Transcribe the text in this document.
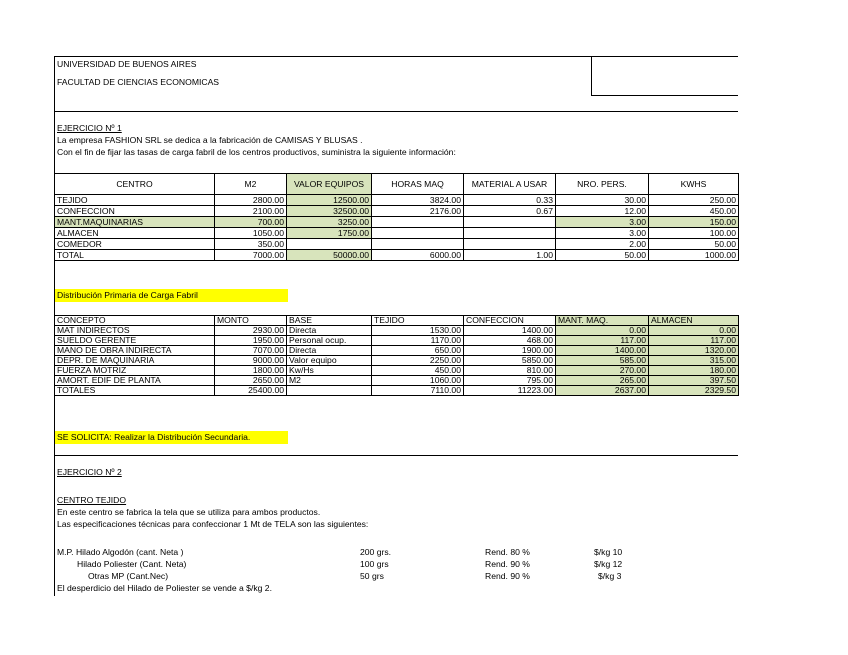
UNIVERSIDAD DE BUENOS AIRES
FACULTAD DE CIENCIAS ECONOMICAS
EJERCICIO Nº 1
La empresa FASHION SRL se dedica a la fabricación de CAMISAS Y BLUSAS .
Con el fin de fijar las tasas de carga fabril de los centros productivos, suministra la siguiente información:
CENTRO	M2	VALOR EQUIPOS	HORAS MAQ	MATERIAL A USAR	NRO. PERS.	KWHS
TEJIDO	2800.00	12500.00	3824.00	0.33	30.00	250.00
CONFECCION	2100.00	32500.00	2176.00	0.67	12.00	450.00
MANT.MAQUINARIAS	700.00	3250.00			3.00	150.00
ALMACEN	1050.00	1750.00			3.00	100.00
COMEDOR	350.00				2.00	50.00
TOTAL	7000.00	50000.00	6000.00	1.00	50.00	1000.00
Distribución Primaria de Carga Fabril
CONCEPTO	MONTO	BASE	TEJIDO	CONFECCION	MANT. MAQ.	ALMACEN
MAT INDIRECTOS	2930.00	Directa	1530.00	1400.00	0.00	0.00
SUELDO GERENTE	1950.00	Personal ocup.	1170.00	468.00	117.00	117.00
MANO DE OBRA INDIRECTA	7070.00	Directa	650.00	1900.00	1400.00	1320.00
DEPR. DE MAQUINARIA	9000.00	Valor equipo	2250.00	5850.00	585.00	315.00
FUERZA MOTRIZ	1800.00	Kw/Hs	450.00	810.00	270.00	180.00
AMORT. EDIF DE PLANTA	2650.00	M2	1060.00	795.00	265.00	397.50
TOTALES	25400.00		7110.00	11223.00	2637.00	2329.50
SE SOLICITA: Realizar la Distribución Secundaria.
EJERCICIO Nº 2
CENTRO TEJIDO
En este centro se fabrica la tela que se utiliza para ambos productos.
Las especificaciones técnicas para confeccionar 1 Mt de TELA son las siguientes:
M.P. Hilado Algodón (cant. Neta )	200 grs.	Rend. 80 %	$/kg 10
Hilado Poliester (Cant. Neta)	100 grs	Rend. 90 %	$/kg 12
Otras MP (Cant.Nec)	50 grs	Rend. 90 %	$/kg 3
El desperdicio del Hilado de Poliester se vende a $/kg 2.
